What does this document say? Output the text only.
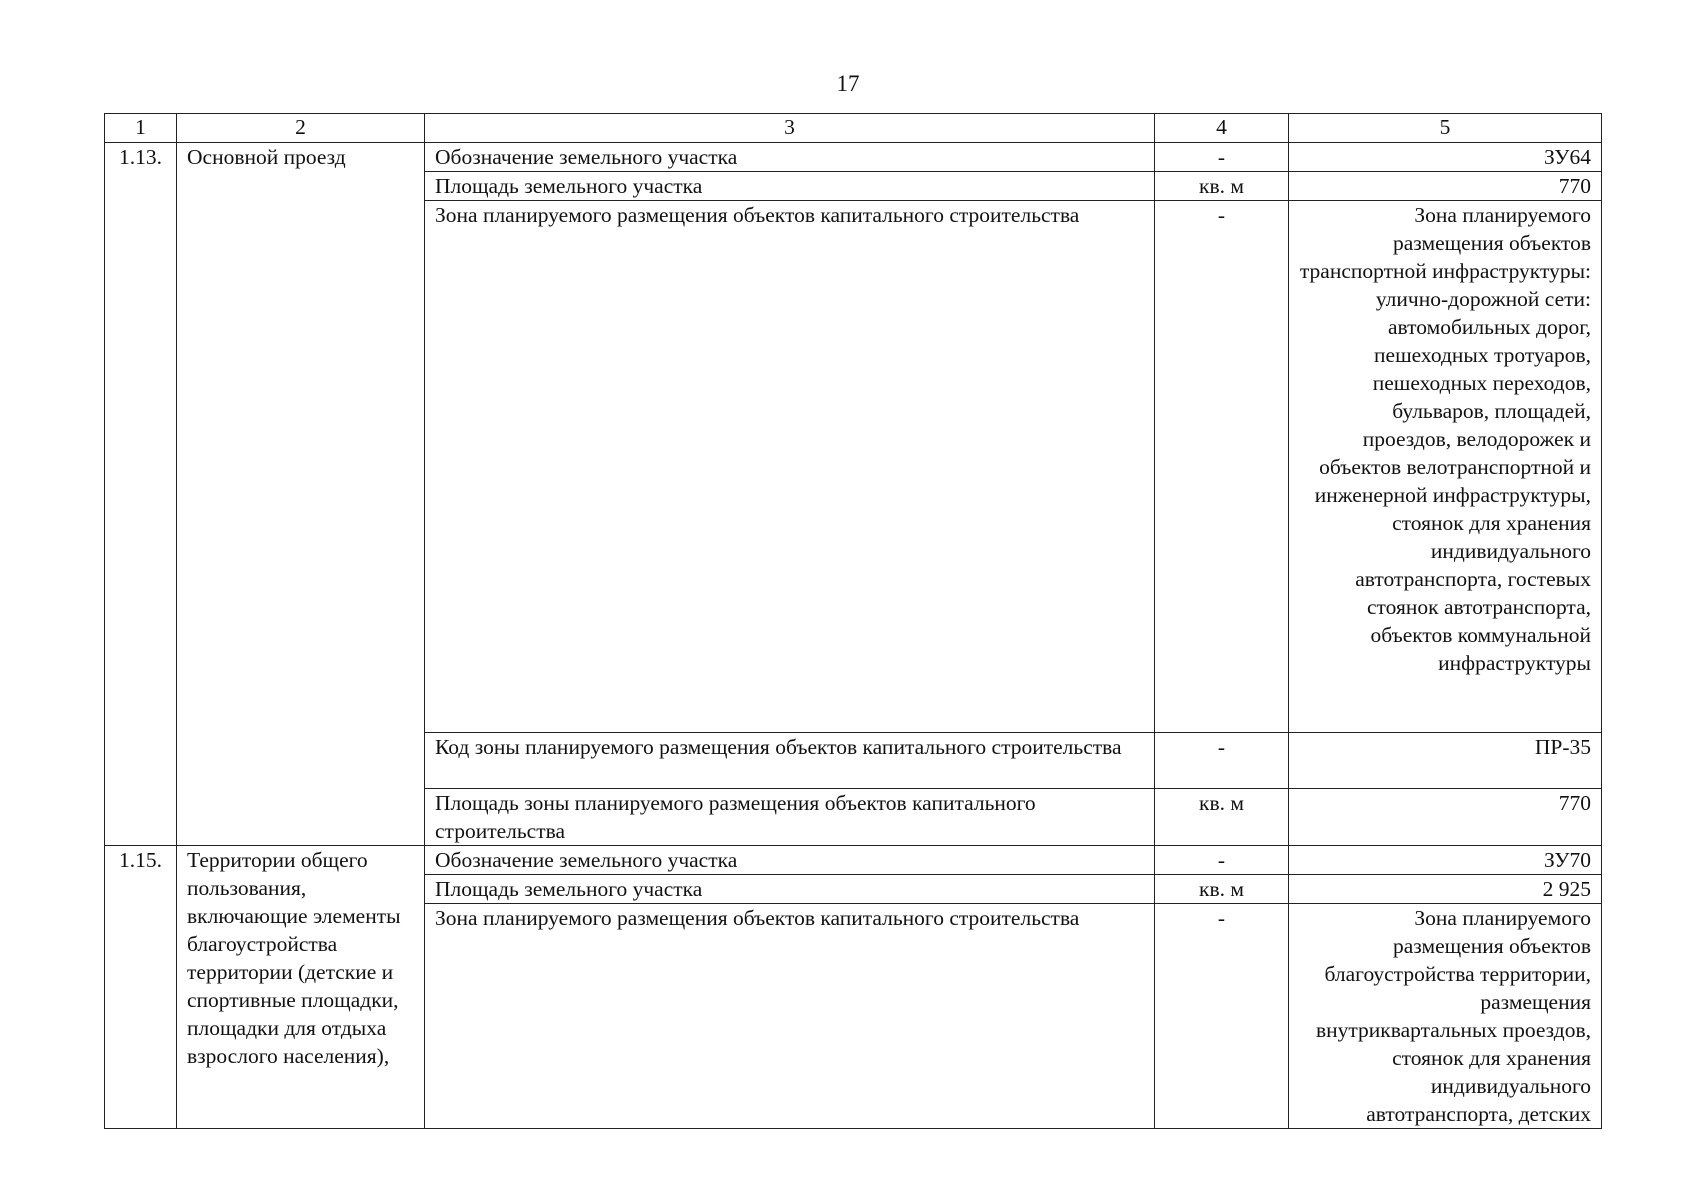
17
1	2	3	4	5
1.13.	Основной проезд	Обозначение земельного участка	-	ЗУ64
		Площадь земельного участка	кв. м	770
		Зона планируемого размещения объектов капитального строительства	-	Зона планируемого размещения объектов транспортной инфраструктуры: улично-дорожной сети: автомобильных дорог, пешеходных тротуаров, пешеходных переходов, бульваров, площадей, проездов, велодорожек и объектов велотранспортной и инженерной инфраструктуры, стоянок для хранения индивидуального автотранспорта, гостевых стоянок автотранспорта, объектов коммунальной инфраструктуры
		Код зоны планируемого размещения объектов капитального строительства	-	ПР-35
		Площадь зоны планируемого размещения объектов капитального строительства	кв. м	770
1.15.	Территории общего пользования, включающие элементы благоустройства территории (детские и спортивные площадки, площадки для отдыха взрослого населения),	Обозначение земельного участка	-	ЗУ70
		Площадь земельного участка	кв. м	2 925
		Зона планируемого размещения объектов капитального строительства	-	Зона планируемого размещения объектов благоустройства территории, размещения внутриквартальных проездов, стоянок для хранения индивидуального автотранспорта, детских
